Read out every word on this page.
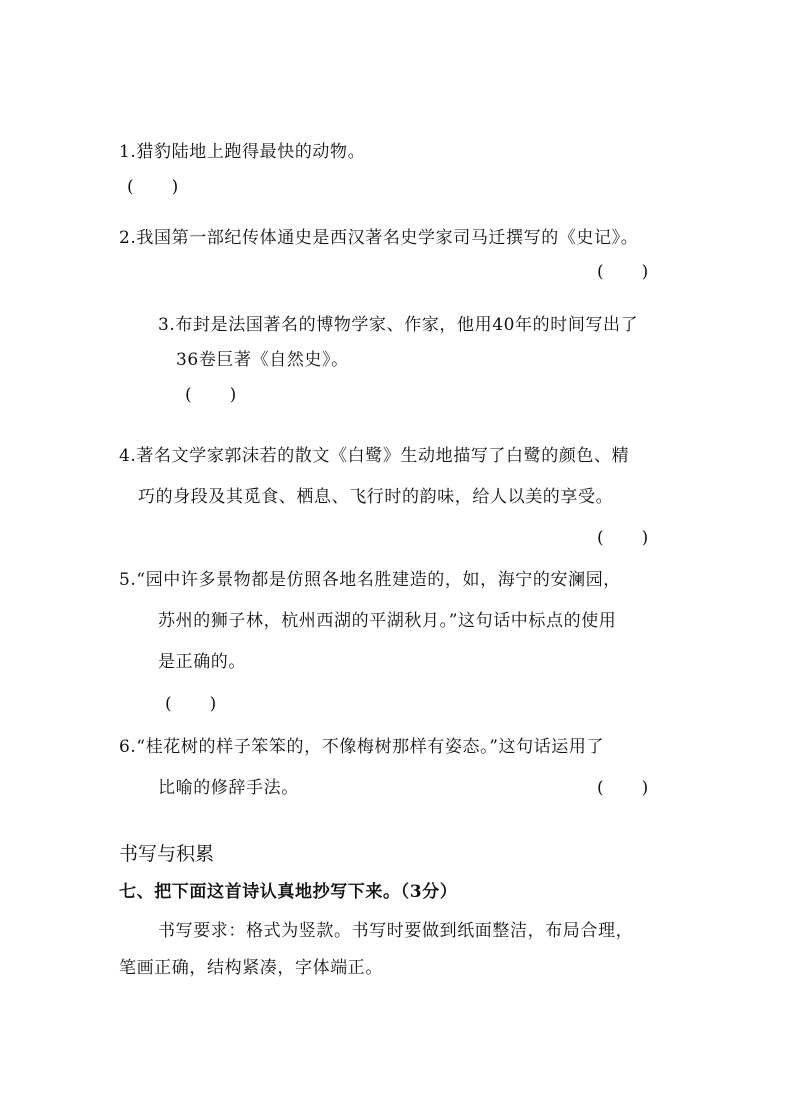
1.猎豹陆地上跑得最快的动物。
( )
2.我国第一部纪传体通史是西汉著名史学家司马迁撰写的《史记》。
( )
3.布封是法国著名的博物学家、作家，他用40年的时间写出了
36卷巨著《自然史》。
( )
4.著名文学家郭沫若的散文《白鹭》生动地描写了白鹭的颜色、精
巧的身段及其觅食、栖息、飞行时的韵味，给人以美的享受。
( )
5.“园中许多景物都是仿照各地名胜建造的，如，海宁的安澜园，
苏州的狮子林，杭州西湖的平湖秋月。”这句话中标点的使用
是正确的。
( )
6.“桂花树的样子笨笨的，不像梅树那样有姿态。”这句话运用了
比喻的修辞手法。	( )
书写与积累
七、把下面这首诗认真地抄写下来。（3分）
书写要求：格式为竖款。书写时要做到纸面整洁，布局合理，
笔画正确，结构紧凑，字体端正。
